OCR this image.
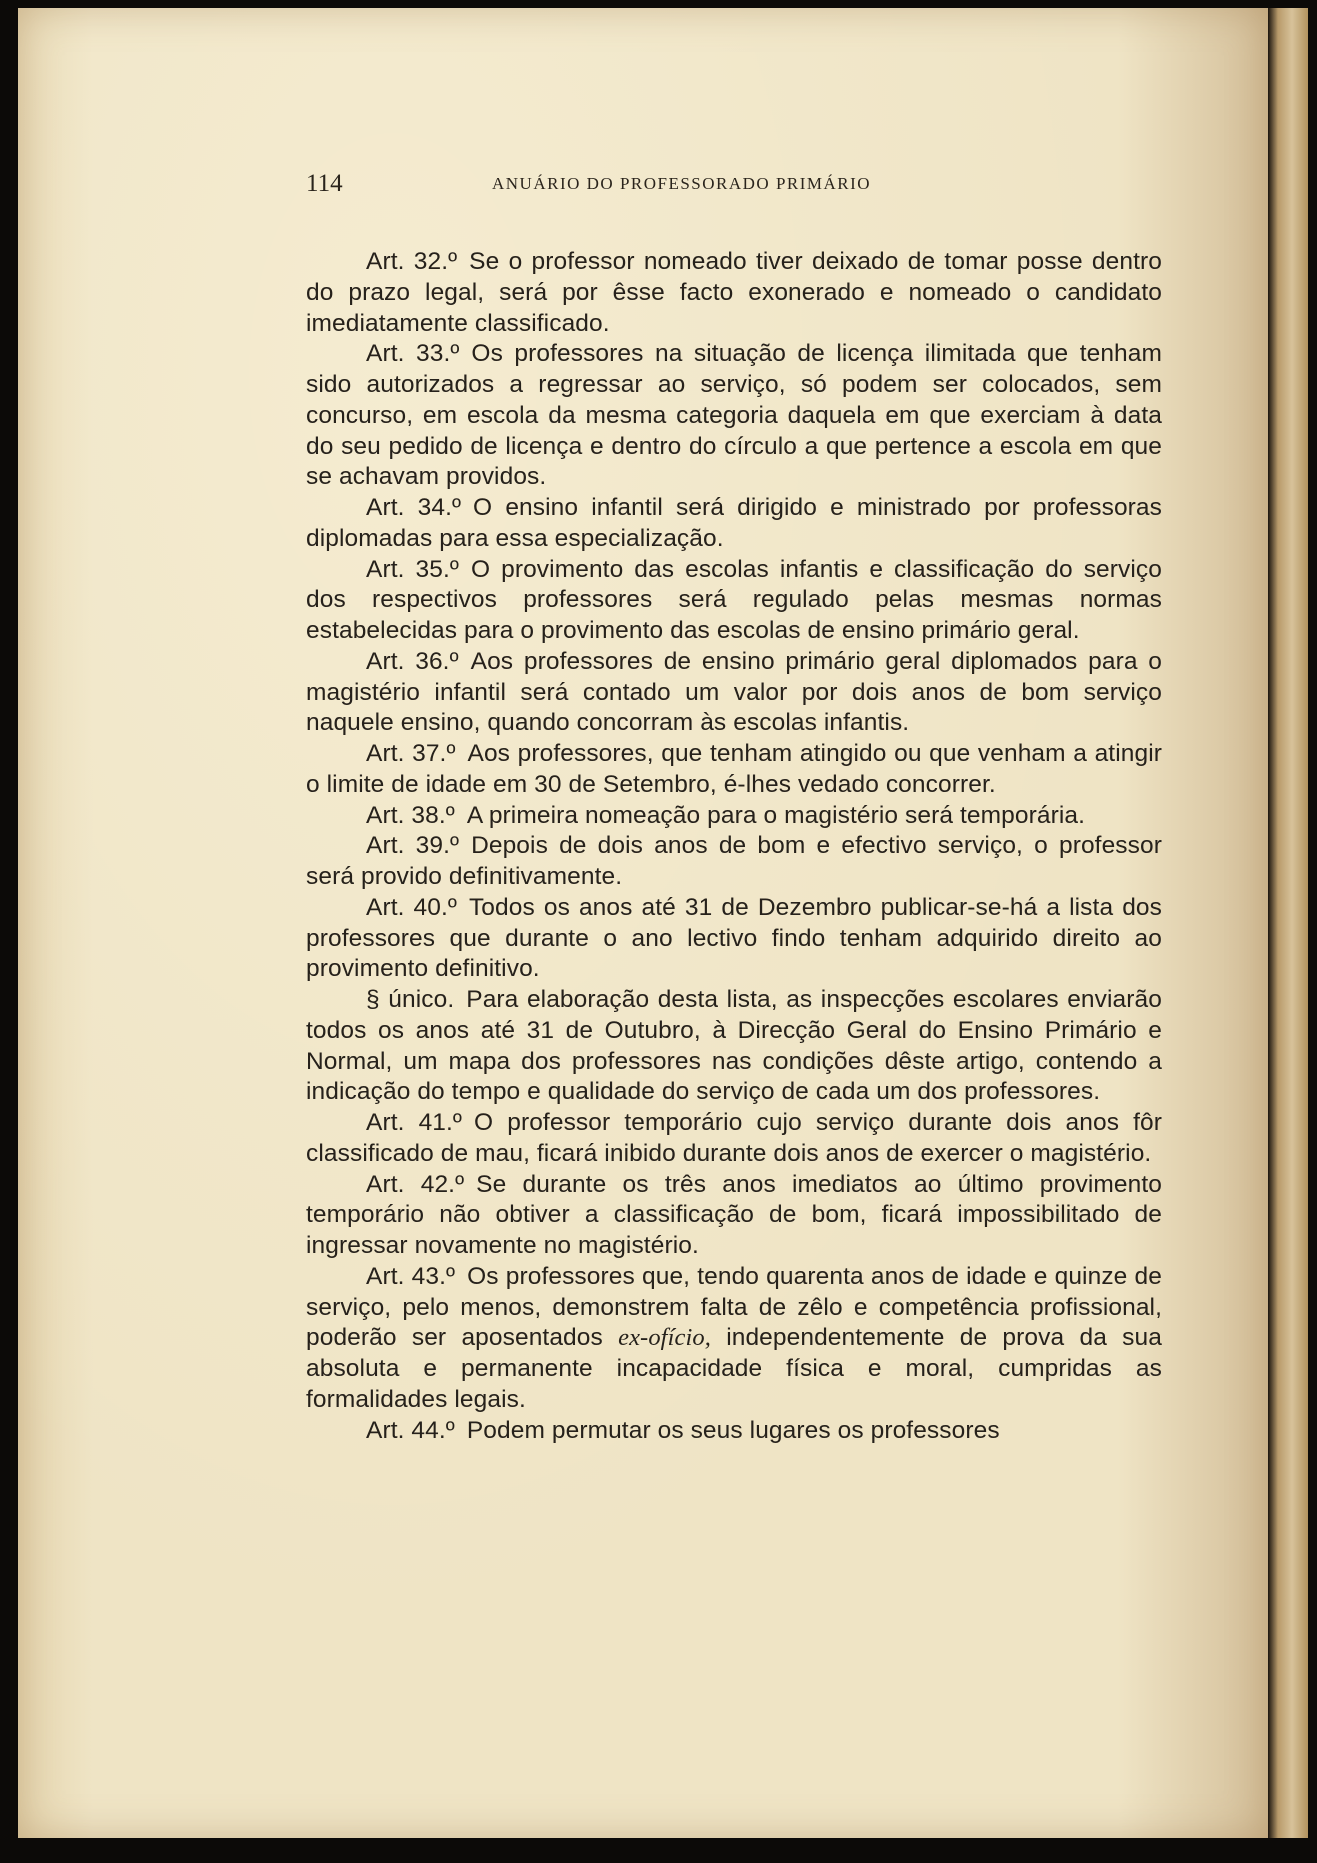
114	ANUÁRIO DO PROFESSORADO PRIMÁRIO

Art. 32.º Se o professor nomeado tiver deixado de tomar posse dentro do prazo legal, será por êsse facto exonerado e nomeado o candidato imediatamente classificado.

Art. 33.º Os professores na situação de licença ilimitada que tenham sido autorizados a regressar ao serviço, só podem ser colocados, sem concurso, em escola da mesma categoria daquela em que exerciam à data do seu pedido de licença e dentro do círculo a que pertence a escola em que se achavam providos.

Art. 34.º O ensino infantil será dirigido e ministrado por professoras diplomadas para essa especialização.

Art. 35.º O provimento das escolas infantis e classificação do serviço dos respectivos professores será regulado pelas mesmas normas estabelecidas para o provimento das escolas de ensino primário geral.

Art. 36.º Aos professores de ensino primário geral diplomados para o magistério infantil será contado um valor por dois anos de bom serviço naquele ensino, quando concorram às escolas infantis.

Art. 37.º Aos professores, que tenham atingido ou que venham a atingir o limite de idade em 30 de Setembro, é-lhes vedado concorrer.

Art. 38.º A primeira nomeação para o magistério será temporária.

Art. 39.º Depois de dois anos de bom e efectivo serviço, o professor será provido definitivamente.

Art. 40.º Todos os anos até 31 de Dezembro publicar-se-há a lista dos professores que durante o ano lectivo findo tenham adquirido direito ao provimento definitivo.

§ único. Para elaboração desta lista, as inspecções escolares enviarão todos os anos até 31 de Outubro, à Direcção Geral do Ensino Primário e Normal, um mapa dos professores nas condições dêste artigo, contendo a indicação do tempo e qualidade do serviço de cada um dos professores.

Art. 41.º O professor temporário cujo serviço durante dois anos fôr classificado de mau, ficará inibido durante dois anos de exercer o magistério.

Art. 42.º Se durante os três anos imediatos ao último provimento temporário não obtiver a classificação de bom, ficará impossibilitado de ingressar novamente no magistério.

Art. 43.º Os professores que, tendo quarenta anos de idade e quinze de serviço, pelo menos, demonstrem falta de zêlo e competência profissional, poderão ser aposentados ex-ofício, independentemente de prova da sua absoluta e permanente incapacidade física e moral, cumpridas as formalidades legais.

Art. 44.º Podem permutar os seus lugares os professores
